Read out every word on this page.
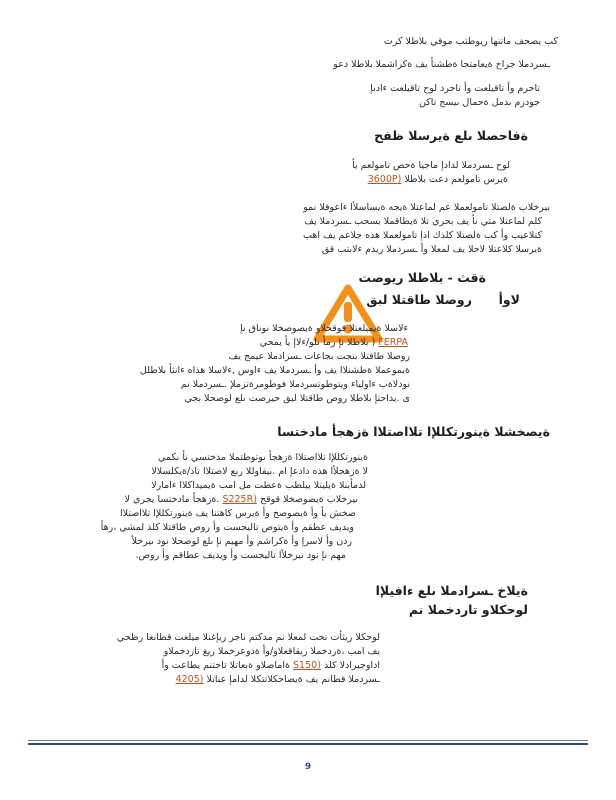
كب يصحف ماتنها ريوطتب موقي بلاطلا كرت
ـسردملا جراخ ةيعامتجا ةطشنأ يف ةكراشملا بلاطلا دعو
تاحرم وأ تاقيلعت وأ تاجرد لوح تاقيلعت ءادبإ
جودزم ىدمل ةحمال ىيسج تاكن
ةفاحصلا ىلع ةيرسلا ظفح
لوح ـسردملا لدادإ ماجيا ةحص تامولعم يأ
ةيرس تامولعم دعت بلاطلا (3600P
بيرخلاب ةلصتلا تامولعملا عم لماعتلا ةيجه ةيساسلأا ءاعوقلا نمو
كلم لماعتلا متي نأ يف بحري تلا ةيطاقملا بسحب ـسردملا يف
كتلاعيب وأ كب ةلصتلا كلذك اذإ تامولعملا هذه جلاعم يف اهب
ةيرسلا كلاعتلا لاحلا يف لمعلا وأ ـسردملا ريدم ءلابتب قق
ةقث - بلاطلا ريوصت
لاوأ  روصلا طاقتلا لبق
ءلاسلا ةيميلعتلا قوقحلاو ةيصوصخلا نوناق نإ
FERPA ( بلاطلا نإ رمأ ىلو/ءلاإ يأ يمحي
روصلا طاقتلا بنجت بجاعات ـسرادملا عيمج يف
ةيموعملا ةطشنلاا يف وأ ـسردملا يف ءاوس ,ءلاسلا هذاه ءانثأ بلاطلل
نودلاةب ءاولياء ويتوطوتسردملا فوطومرةتزملإ .ـسردملا نم
ى .يداحتإ بلاطلا روص طاقتلا لبق حيرصت ىلع لوصحلا بجي
ةيصخشلا ةينورتكللإا تلااصتلاا ةزهجأ مادختسا
ةينورتكللإا تلااصتلاا ةزهجأ ىوتوطتملا مدختسي نأ ىكمي
لا ةزهجلأا هذه دادعإ ام .بيفاوللا ربع لاصتلاا تاذ/ةيكلسلالا
لدمأبنلا ةيليتلا بيلطب ةعطت مل امب ةيميداكلاا ءامارلا
ىيرخلاب ةيصوصخلا قوقح (S225R .ةزهجأ مادختسا يجري لا
صخش يأ وأ ةيصوصخ وأ ةيرس كاهتنا يف ةينورتكللإا تلااصتلاا
ويديف عطقم وأ ةيتوص تاليجست وأ روص طاقتلا كلذ لمشي ،رهأ
ردن وأ لاسرإ وأ ةكراشم وأ مهيم نإ ىلع لوصحلا نود ىيرخلأ
مهم نإ نود نيرخلأا تاليجست وأ ويديف عطاقم وأ روص.
ةيلاخ ـسرادملا ىلع ءافيلإا
لوحكلاو تاردخملا نم
لوحكلا ريثأت تحت لمعلا نم مدكتم ناجر ريإغنلا ميلعت قطانعا رظحي
يف امب ،ةردخملا ريقاقعلاو/وأ ةدوعرخملا ريغ تاردخملاو
اداوجيرادلا كلذ (S150 ةاماصلاو ةبعاتلا تاجتنم يطاعت وأ
ـسردملا قطانم يف ةيصاحكلاتتكلا لدامإ عباتلا (4205
9
